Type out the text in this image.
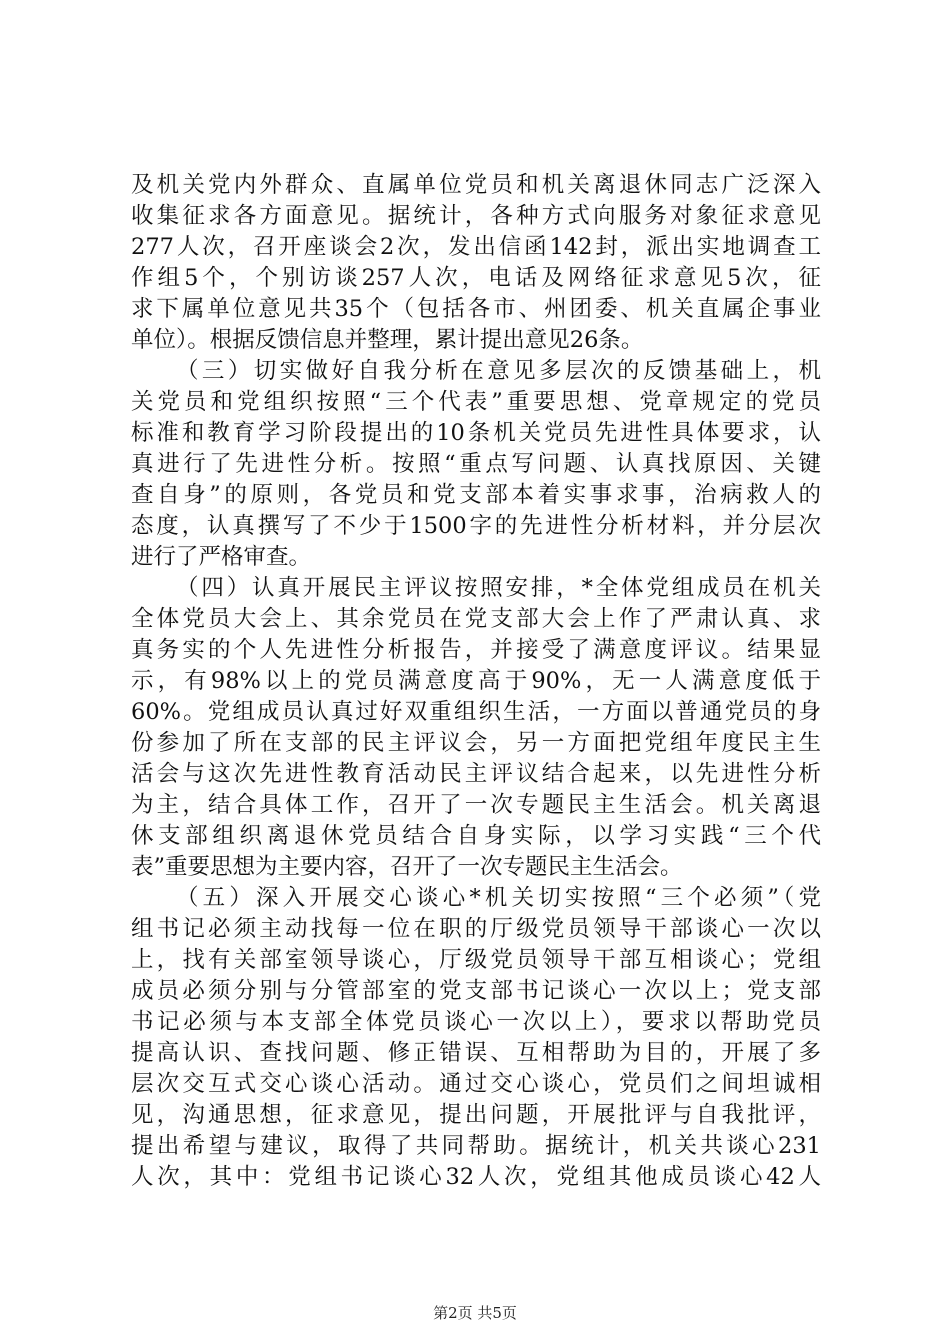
及机关党内外群众、直属单位党员和机关离退休同志广泛深入
收集征求各方面意见。据统计，各种方式向服务对象征求意见
277人次，召开座谈会2次，发出信函142封，派出实地调查工
作组5个，个别访谈257人次，电话及网络征求意见5次，征
求下属单位意见共35个（包括各市、州团委、机关直属企事业
单位）。根据反馈信息并整理，累计提出意见26条。
（三）切实做好自我分析在意见多层次的反馈基础上，机
关党员和党组织按照“三个代表”重要思想、党章规定的党员
标准和教育学习阶段提出的10条机关党员先进性具体要求，认
真进行了先进性分析。按照“重点写问题、认真找原因、关键
查自身”的原则，各党员和党支部本着实事求事，治病救人的
态度，认真撰写了不少于1500字的先进性分析材料，并分层次
进行了严格审查。
（四）认真开展民主评议按照安排，*全体党组成员在机关
全体党员大会上、其余党员在党支部大会上作了严肃认真、求
真务实的个人先进性分析报告，并接受了满意度评议。结果显
示，有98%以上的党员满意度高于90%，无一人满意度低于
60%。党组成员认真过好双重组织生活，一方面以普通党员的身
份参加了所在支部的民主评议会，另一方面把党组年度民主生
活会与这次先进性教育活动民主评议结合起来，以先进性分析
为主，结合具体工作，召开了一次专题民主生活会。机关离退
休支部组织离退休党员结合自身实际，以学习实践“三个代
表”重要思想为主要内容，召开了一次专题民主生活会。
（五）深入开展交心谈心*机关切实按照“三个必须”（党
组书记必须主动找每一位在职的厅级党员领导干部谈心一次以
上，找有关部室领导谈心，厅级党员领导干部互相谈心；党组
成员必须分别与分管部室的党支部书记谈心一次以上；党支部
书记必须与本支部全体党员谈心一次以上），要求以帮助党员
提高认识、查找问题、修正错误、互相帮助为目的，开展了多
层次交互式交心谈心活动。通过交心谈心，党员们之间坦诚相
见，沟通思想，征求意见，提出问题，开展批评与自我批评，
提出希望与建议，取得了共同帮助。据统计，机关共谈心231
人次，其中：党组书记谈心32人次，党组其他成员谈心42人
第2页 共5页
